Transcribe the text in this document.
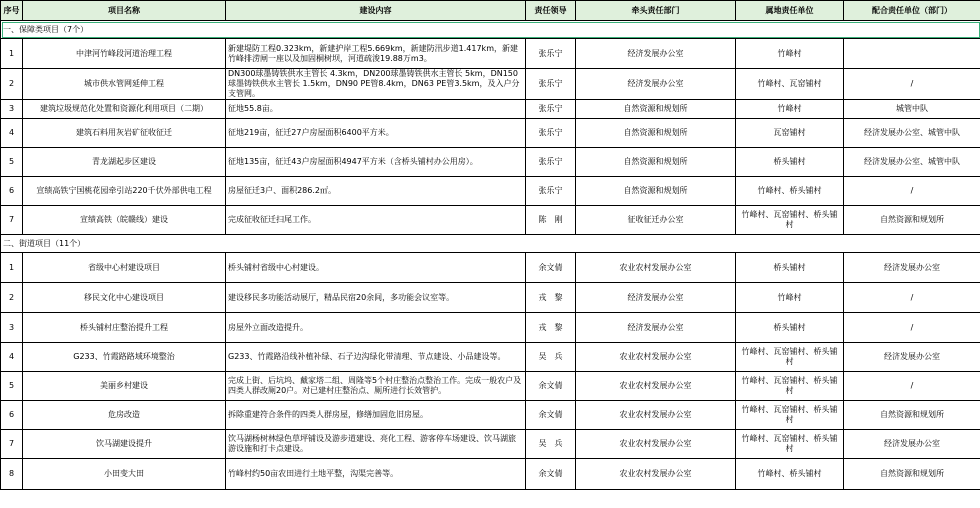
序号	项目名称	建设内容	责任领导	牵头责任部门	属地责任单位	配合责任单位（部门）
一、保障类项目（7个）						
1	中津河竹峰段河道治理工程	新建堤防工程0.323km，新建护岸工程5.669km，新建防汛步道1.417km，新建竹峰排涝闸一座以及加固桐树坝，河道疏浚19.88万m3。	张乐宁	经济发展办公室	竹峰村	
2	城市供水管网延伸工程	DN300球墨铸铁供水主管长 4.3km，DN200球墨铸铁供水主管长 5km，DN150球墨铸铁供水主管长 1.5km，DN90 PE管8.4km，DN63 PE管3.5km，及入户分支管网。	张乐宁	经济发展办公室	竹峰村、瓦窑铺村	/
3	建筑垃圾规范化处置和资源化利用项目（二期）	征地55.8亩。	张乐宁	自然资源和规划所	竹峰村	城管中队
4	建筑石料用灰岩矿征收征迁	征地219亩，征迁27户房屋面积6400平方米。	张乐宁	自然资源和规划所	瓦窑铺村	经济发展办公室、城管中队
5	青龙湖起步区建设	征地135亩，征迁43户房屋面积4947平方米（含桥头铺村办公用房）。	张乐宁	自然资源和规划所	桥头铺村	经济发展办公室、城管中队
6	宣绩高铁宁国桃花园牵引站220千伏外部供电工程	房屋征迁3户、面积286.2㎡。	张乐宁	自然资源和规划所	竹峰村、桥头铺村	/
7	宣绩高铁（皖赣线）建设	完成征收征迁扫尾工作。	陈　刚	征收征迁办公室	竹峰村、瓦窑铺村、桥头铺村	自然资源和规划所
二、街道项目（11个）						
1	省级中心村建设项目	桥头铺村省级中心村建设。	余文倩	农业农村发展办公室	桥头铺村	经济发展办公室
2	移民文化中心建设项目	建设移民多功能活动展厅，精品民宿20余间，多功能会议室等。	戎　黎	经济发展办公室	竹峰村	/
3	桥头铺村庄整治提升工程	房屋外立面改造提升。	戎　黎	经济发展办公室	桥头铺村	/
4	G233、竹霞路路域环境整治	G233、竹霞路沿线补植补绿、石子边沟绿化带清理、节点建设、小品建设等。	吴　兵	农业农村发展办公室	竹峰村、瓦窑铺村、桥头铺村	经济发展办公室
5	美丽乡村建设	完成上街、后坑坞、戴家塔二组、周隆等5个村庄整治点整治工作。完成一般农户及四类人群改厕20户。对已建村庄整治点、厕所进行长效管护。	余文倩	农业农村发展办公室	竹峰村、瓦窑铺村、桥头铺村	/
6	危房改造	拆除重建符合条件的四类人群房屋，修缮加固危旧房屋。	余文倩	农业农村发展办公室	竹峰村、瓦窑铺村、桥头铺村	自然资源和规划所
7	饮马湖建设提升	饮马湖杨树林绿色草坪铺设及游步道建设、亮化工程、游客停车场建设、饮马湖旅游设施和打卡点建设。	吴　兵	农业农村发展办公室	竹峰村、瓦窑铺村、桥头铺村	经济发展办公室
8	小田变大田	竹峰村约50亩农田进行土地平整，沟渠完善等。	余文倩	农业农村发展办公室	竹峰村、桥头铺村	自然资源和规划所
